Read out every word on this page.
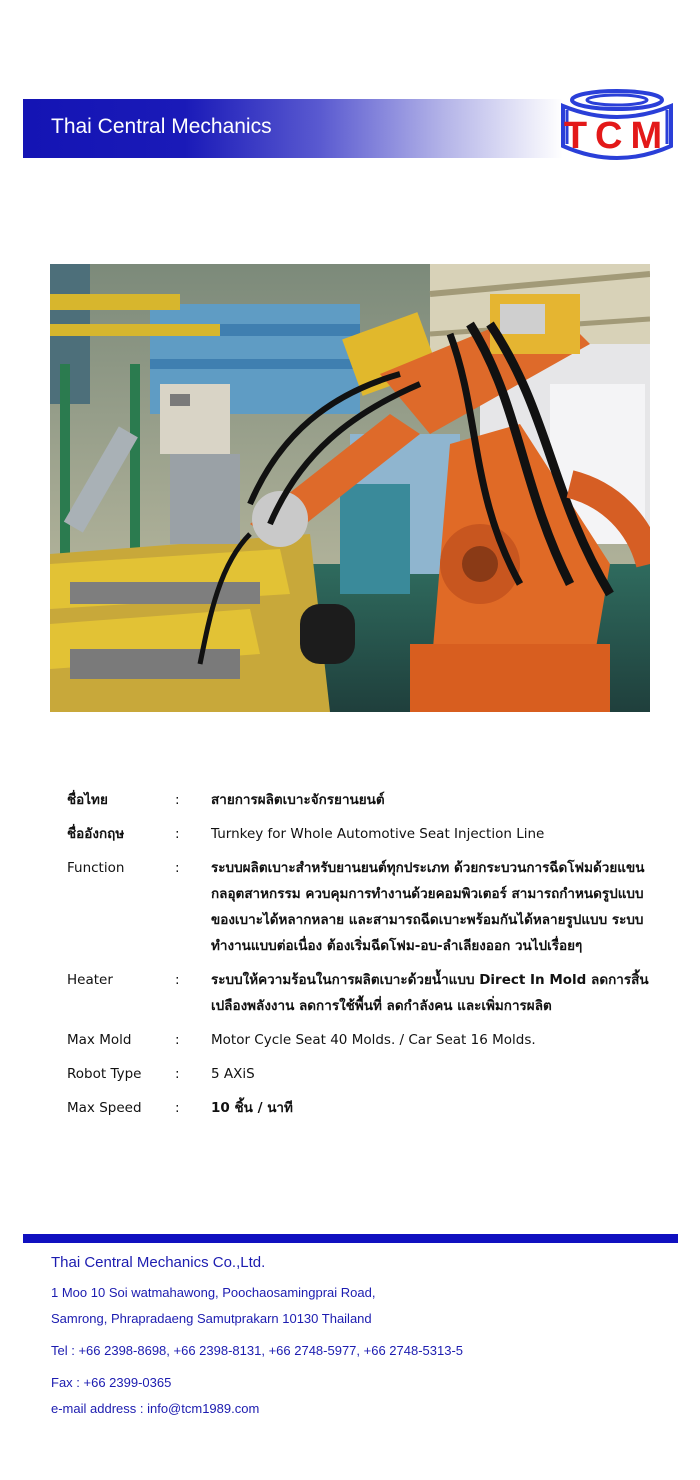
Thai Central Mechanics	TCM
ชื่อไทย	:	สายการผลิตเบาะจักรยานยนต์
ชื่ออังกฤษ	:	Turnkey for Whole Automotive Seat Injection Line
Function	:	ระบบผลิตเบาะสำหรับยานยนต์ทุกประเภท ด้วยกระบวนการฉีดโฟมด้วยแขนกลอุตสาหกรรม ควบคุมการทำงานด้วยคอมพิวเตอร์ สามารถกำหนดรูปแบบของเบาะได้หลากหลาย และสามารถฉีดเบาะพร้อมกันได้หลายรูปแบบ ระบบทำงานแบบต่อเนื่อง ต้องเริ่มฉีดโฟม-อบ-ลำเลียงออก วนไปเรื่อยๆ
Heater	:	ระบบให้ความร้อนในการผลิตเบาะด้วยน้ำแบบ Direct In Mold ลดการสิ้นเปลืองพลังงาน ลดการใช้พื้นที่ ลดกำลังคน และเพิ่มการผลิต
Max Mold	:	Motor Cycle Seat 40 Molds. / Car Seat 16 Molds.
Robot Type	:	5 AXiS
Max Speed	:	10 ชิ้น / นาที
Thai Central Mechanics Co.,Ltd.
1 Moo 10 Soi watmahawong, Poochaosamingprai Road,
Samrong, Phrapradaeng Samutprakarn 10130 Thailand
Tel : +66 2398-8698, +66 2398-8131, +66 2748-5977, +66 2748-5313-5
Fax : +66 2399-0365
e-mail address : info@tcm1989.com
